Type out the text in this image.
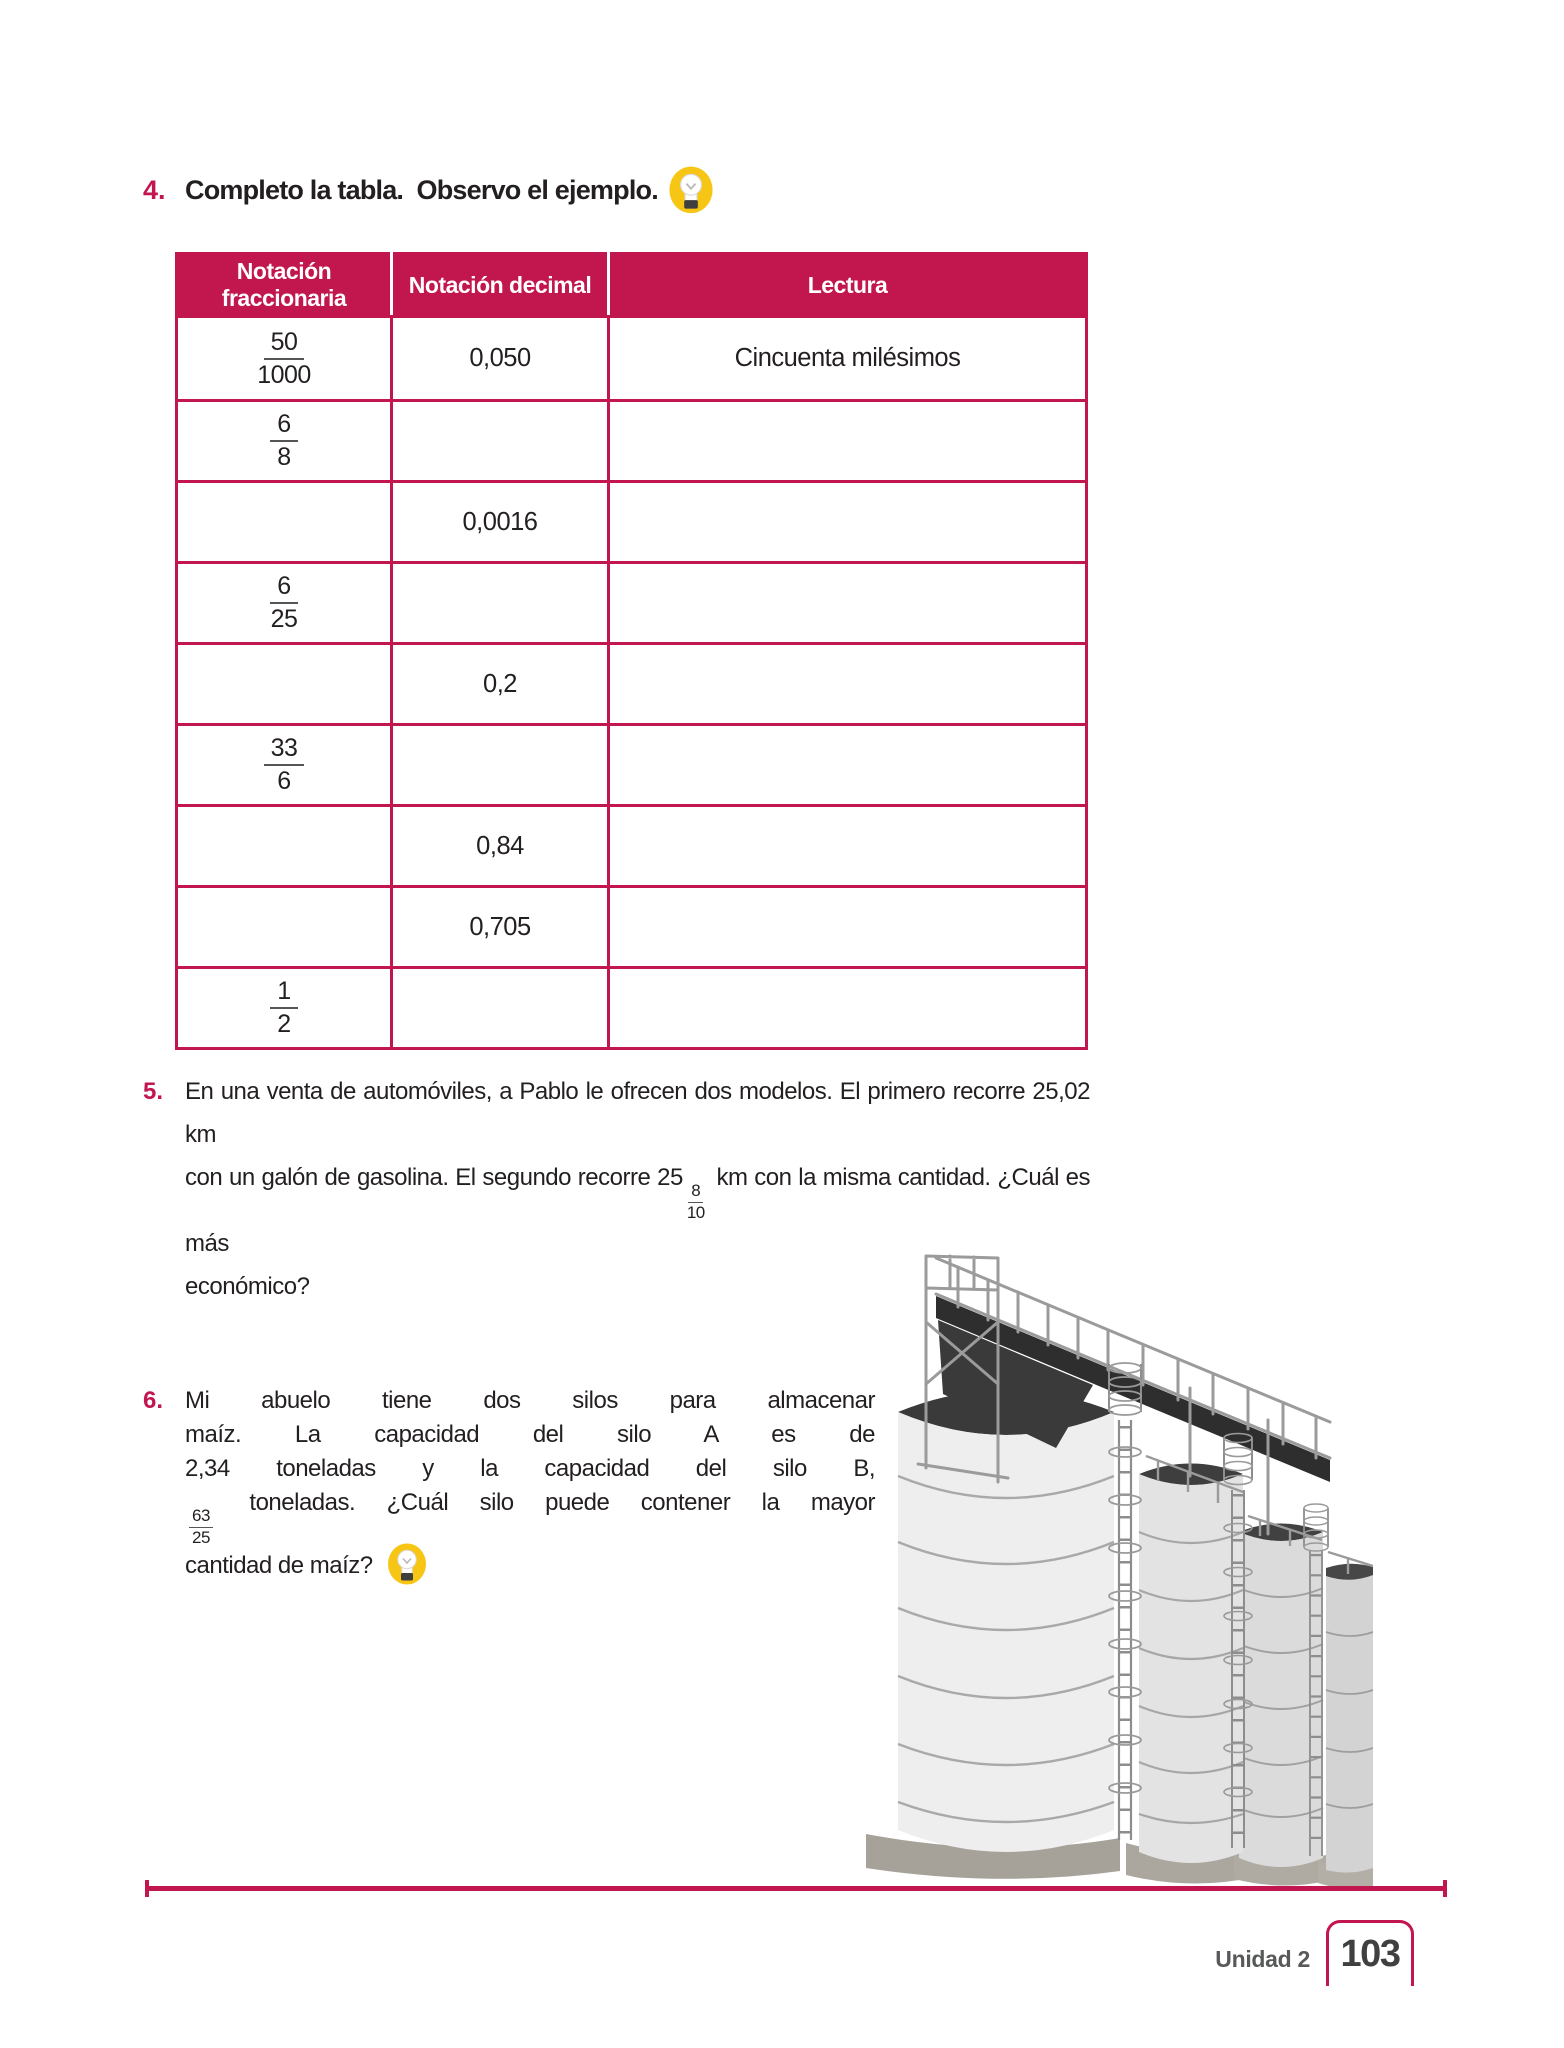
4. Completo la tabla.  Observo el ejemplo.
Notación fraccionaria	Notación decimal	Lectura

$\frac{50}{1000}$	0,050	Cincuenta milésimos

$\frac{6}{8}$

	0,0016	

$\frac{6}{25}$

	0,2	

$\frac{33}{6}$

	0,84	
	0,705	

$\frac{1}{2}$

5. En una venta de automóviles, a Pablo le ofrecen dos modelos. El primero recorre 25,02 km
con un galón de gasolina. El segundo recorre 25
$\frac{8}{10}$
km con la misma cantidad. ¿Cuál es más
económico?
6. Mi abuelo tiene dos silos para almacenar
maíz. La capacidad del silo A es de
2,34 toneladas y la capacidad del silo B,
$\frac{63}{25}$
toneladas. ¿Cuál silo puede contener la mayor
cantidad de maíz?
Unidad 2 103
